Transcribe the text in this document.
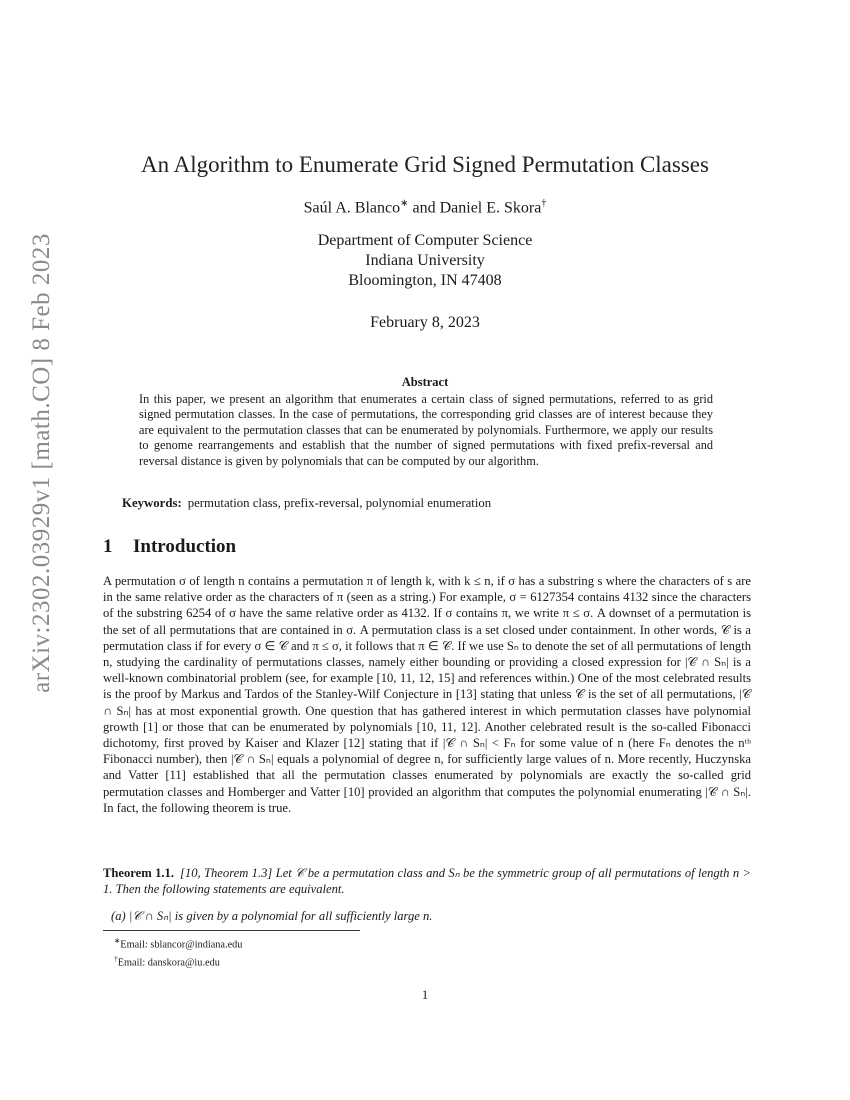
arXiv:2302.03929v1 [math.CO] 8 Feb 2023
An Algorithm to Enumerate Grid Signed Permutation Classes
Saúl A. Blanco∗ and Daniel E. Skora†
Department of Computer Science
Indiana University
Bloomington, IN 47408
February 8, 2023
Abstract
In this paper, we present an algorithm that enumerates a certain class of signed permutations, referred to as grid signed permutation classes. In the case of permutations, the corresponding grid classes are of interest because they are equivalent to the permutation classes that can be enumerated by polynomials. Furthermore, we apply our results to genome rearrangements and establish that the number of signed permutations with fixed prefix-reversal and reversal distance is given by polynomials that can be computed by our algorithm.
Keywords: permutation class, prefix-reversal, polynomial enumeration
1 Introduction
A permutation σ of length n contains a permutation π of length k, with k ≤ n, if σ has a substring s where the characters of s are in the same relative order as the characters of π (seen as a string.) For example, σ = 6127354 contains 4132 since the characters of the substring 6254 of σ have the same relative order as 4132. If σ contains π, we write π ≤ σ. A downset of a permutation is the set of all permutations that are contained in σ. A permutation class is a set closed under containment. In other words, 𝒞 is a permutation class if for every σ ∈ 𝒞 and π ≤ σ, it follows that π ∈ 𝒞. If we use Sₙ to denote the set of all permutations of length n, studying the cardinality of permutations classes, namely either bounding or providing a closed expression for |𝒞 ∩ Sₙ| is a well-known combinatorial problem (see, for example [10, 11, 12, 15] and references within.) One of the most celebrated results is the proof by Markus and Tardos of the Stanley-Wilf Conjecture in [13] stating that unless 𝒞 is the set of all permutations, |𝒞 ∩ Sₙ| has at most exponential growth. One question that has gathered interest in which permutation classes have polynomial growth [1] or those that can be enumerated by polynomials [10, 11, 12]. Another celebrated result is the so-called Fibonacci dichotomy, first proved by Kaiser and Klazer [12] stating that if |𝒞 ∩ Sₙ| < Fₙ for some value of n (here Fₙ denotes the nᵗʰ Fibonacci number), then |𝒞 ∩ Sₙ| equals a polynomial of degree n, for sufficiently large values of n. More recently, Huczynska and Vatter [11] established that all the permutation classes enumerated by polynomials are exactly the so-called grid permutation classes and Homberger and Vatter [10] provided an algorithm that computes the polynomial enumerating |𝒞 ∩ Sₙ|. In fact, the following theorem is true.
Theorem 1.1. [10, Theorem 1.3] Let 𝒞 be a permutation class and Sₙ be the symmetric group of all permutations of length n > 1. Then the following statements are equivalent.
(a) |𝒞 ∩ Sₙ| is given by a polynomial for all sufficiently large n.
∗Email: sblancor@indiana.edu
†Email: danskora@iu.edu
1
